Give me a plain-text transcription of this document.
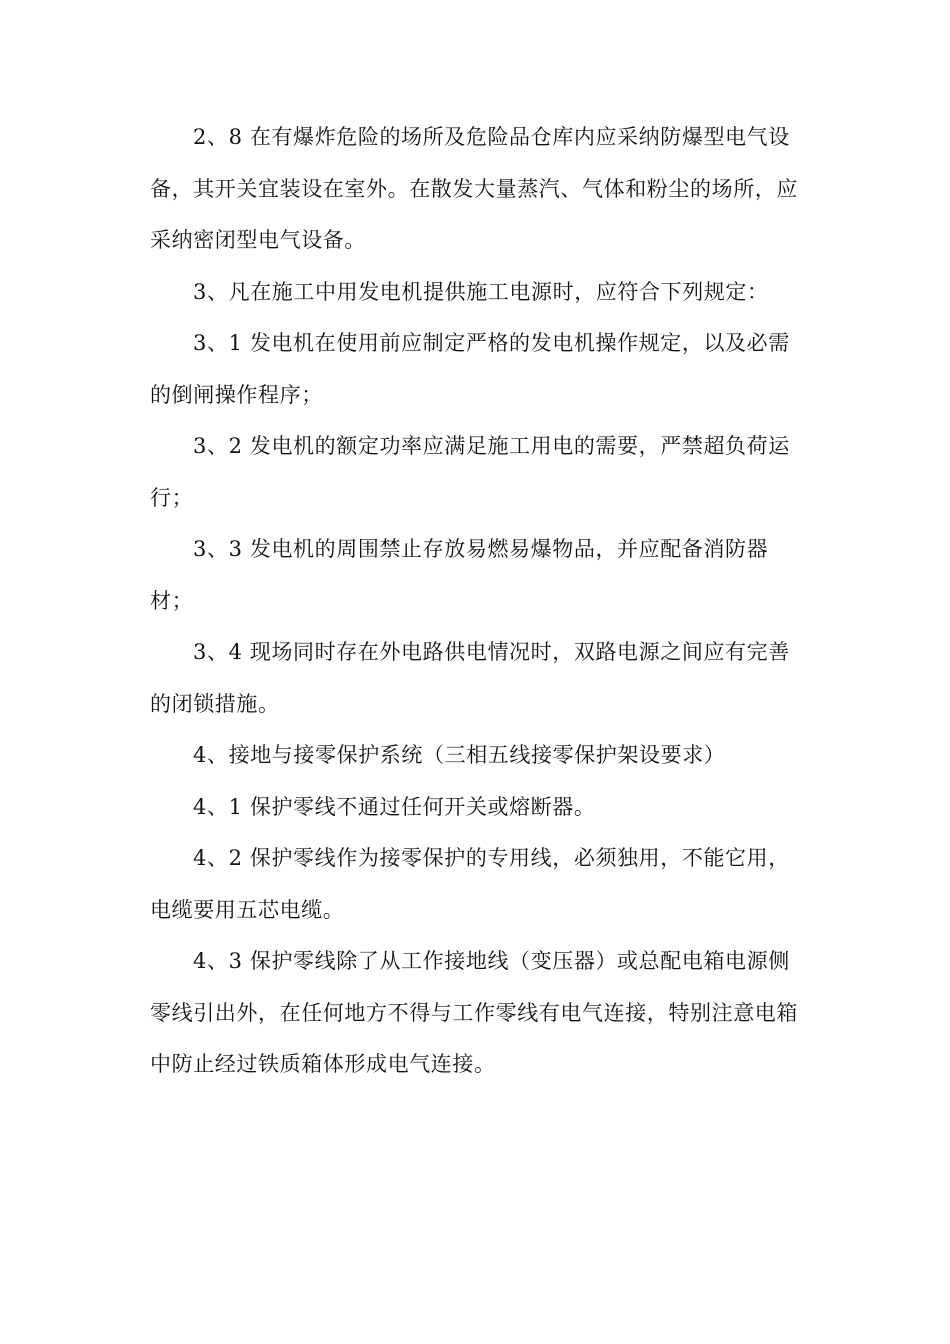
2、8 在有爆炸危险的场所及危险品仓库内应采纳防爆型电气设备，其开关宜装设在室外。在散发大量蒸汽、气体和粉尘的场所，应采纳密闭型电气设备。

3、凡在施工中用发电机提供施工电源时，应符合下列规定：

3、1 发电机在使用前应制定严格的发电机操作规定，以及必需的倒闸操作程序；

3、2 发电机的额定功率应满足施工用电的需要，严禁超负荷运行；

3、3 发电机的周围禁止存放易燃易爆物品，并应配备消防器材；

3、4 现场同时存在外电路供电情况时，双路电源之间应有完善的闭锁措施。

4、接地与接零保护系统（三相五线接零保护架设要求）

4、1 保护零线不通过任何开关或熔断器。

4、2 保护零线作为接零保护的专用线，必须独用，不能它用，电缆要用五芯电缆。

4、3 保护零线除了从工作接地线（变压器）或总配电箱电源侧零线引出外，在任何地方不得与工作零线有电气连接，特别注意电箱中防止经过铁质箱体形成电气连接。
